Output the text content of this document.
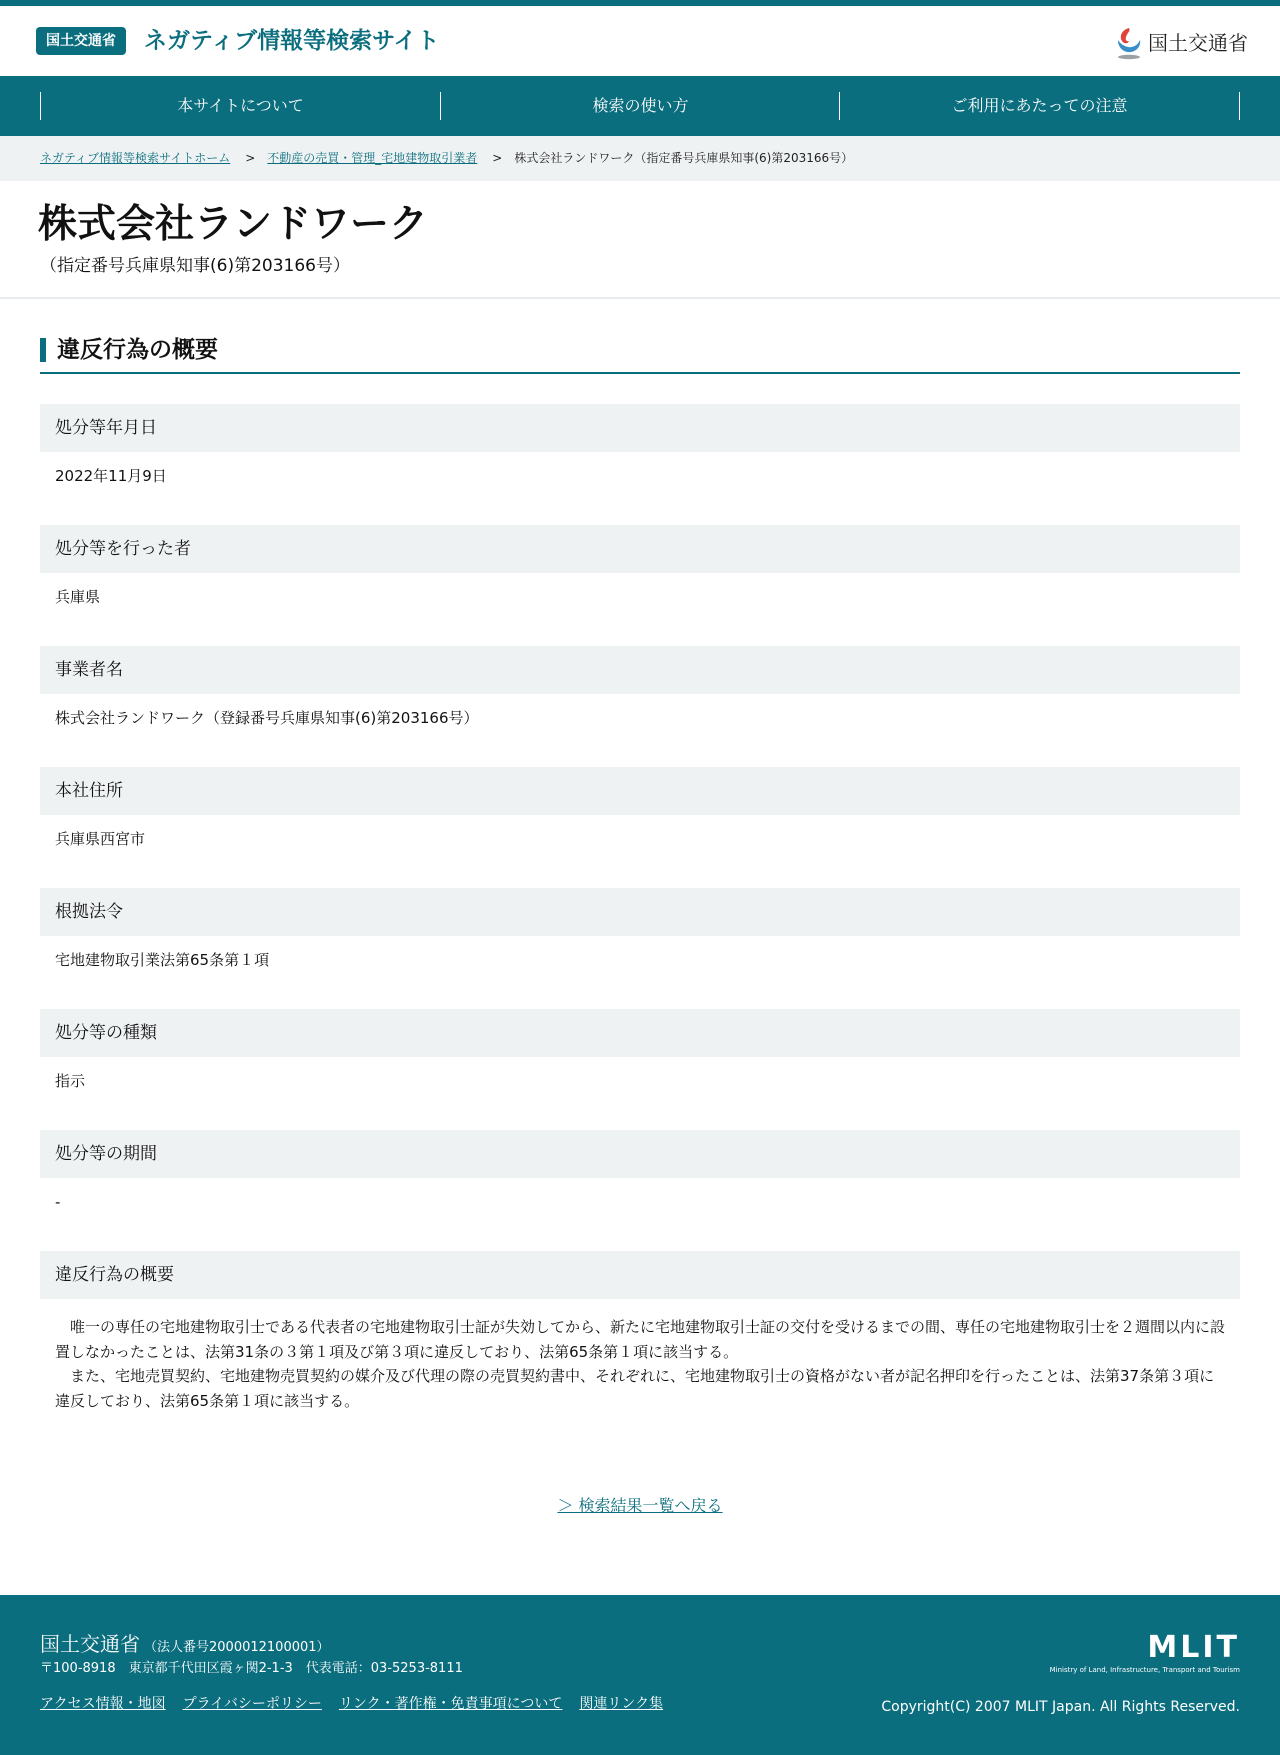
国土交通省	ネガティブ情報等検索サイト	国土交通省
本サイトについて	検索の使い方	ご利用にあたっての注意
ネガティブ情報等検索サイトホーム > 不動産の売買・管理_宅地建物取引業者 > 株式会社ランドワーク（指定番号兵庫県知事(6)第203166号）
株式会社ランドワーク
（指定番号兵庫県知事(6)第203166号）
違反行為の概要
処分等年月日
2022年11月9日
処分等を行った者
兵庫県
事業者名
株式会社ランドワーク（登録番号兵庫県知事(6)第203166号）
本社住所
兵庫県西宮市
根拠法令
宅地建物取引業法第65条第１項
処分等の種類
指示
処分等の期間
-
違反行為の概要

唯一の専任の宅地建物取引士である代表者の宅地建物取引士証が失効してから、新たに宅地建物取引士証の交付を受けるまでの間、専任の宅地建物取引士を２週間以内に設置しなかったことは、法第31条の３第１項及び第３項に違反しており、法第65条第１項に該当する。

また、宅地売買契約、宅地建物売買契約の媒介及び代理の際の売買契約書中、それぞれに、宅地建物取引士の資格がない者が記名押印を行ったことは、法第37条第３項に違反しており、法第65条第１項に該当する。

＞ 検索結果一覧へ戻る
国土交通省 （法人番号2000012100001）
〒100-8918　東京都千代田区霞ヶ関2-1-3　代表電話：03-5253-8111
アクセス情報・地図 プライバシーポリシー リンク・著作権・免責事項について 関連リンク集
MLIT
Ministry of Land, Infrastructure, Transport and Tourism
Copyright(C) 2007 MLIT Japan. All Rights Reserved.
